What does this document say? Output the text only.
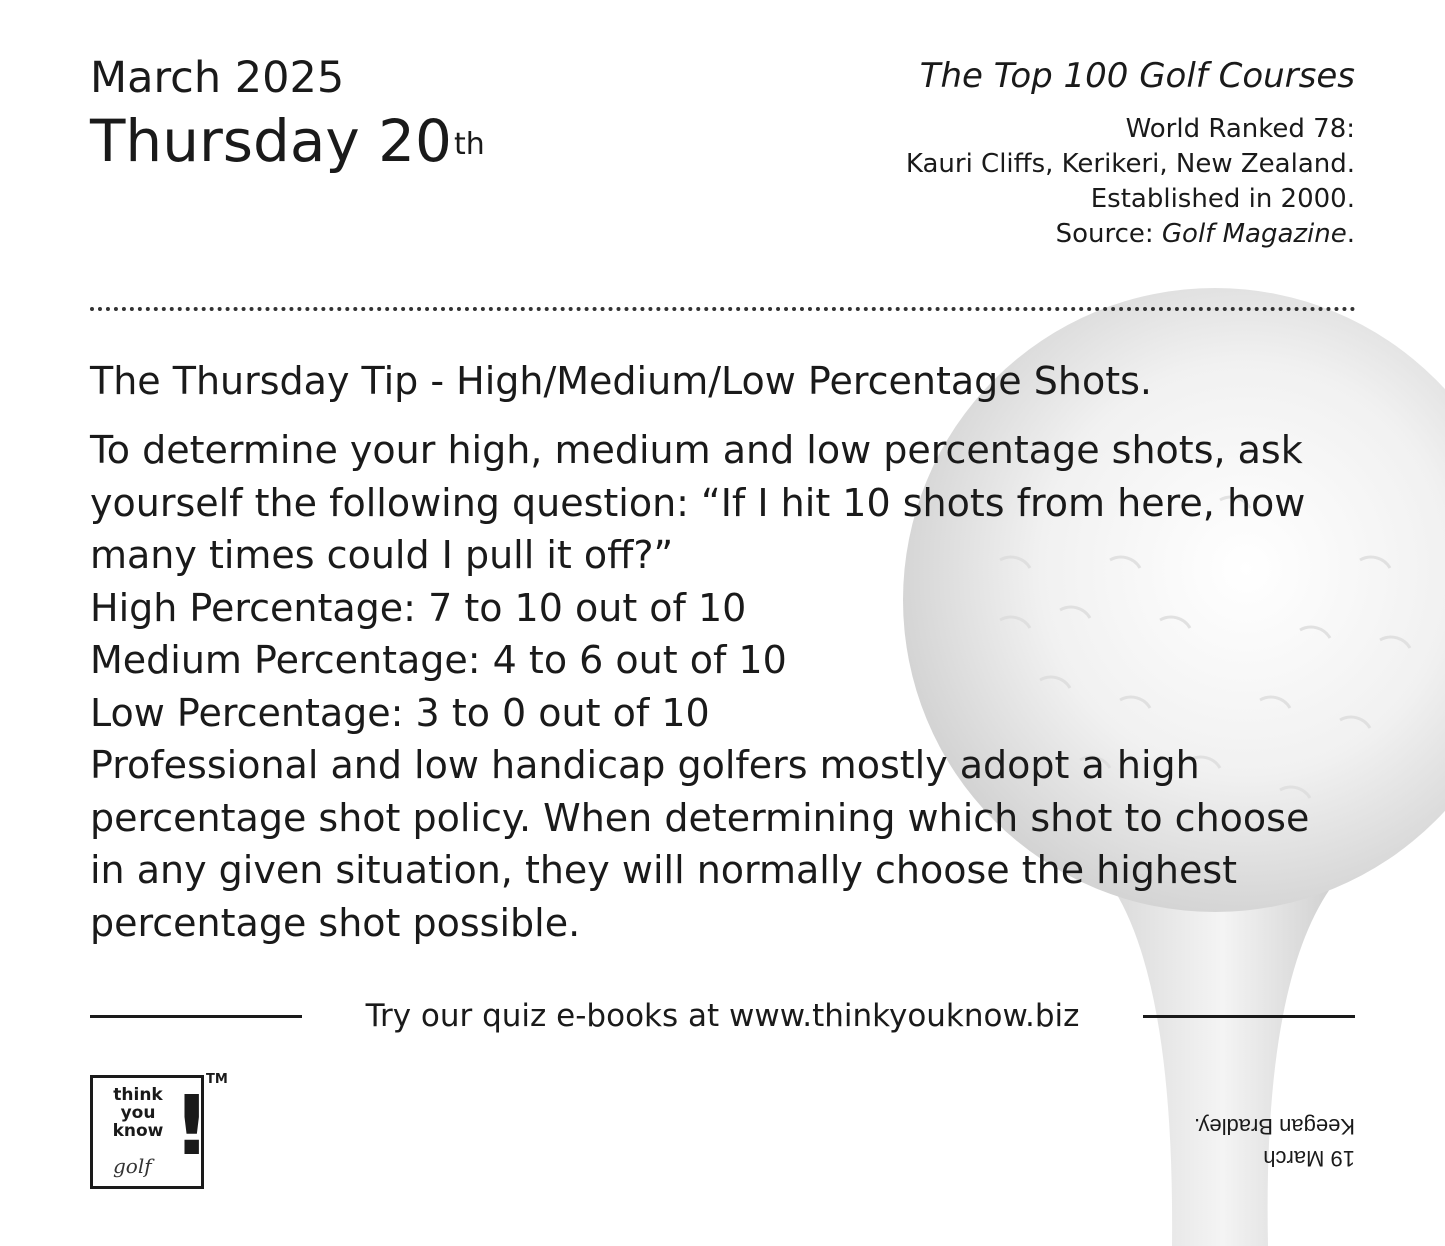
March 2025
Thursday 20th
The Top 100 Golf Courses
World Ranked 78:
Kauri Cliffs, Kerikeri, New Zealand.
Established in 2000.
Source: Golf Magazine.
The Thursday Tip - High/Medium/Low Percentage Shots.
To determine your high, medium and low percentage shots, ask
yourself the following question: “If I hit 10 shots from here, how
many times could I pull it off?”
High Percentage: 7 to 10 out of 10
Medium Percentage: 4 to 6 out of 10
Low Percentage: 3 to 0 out of 10
Professional and low handicap golfers mostly adopt a high
percentage shot policy. When determining which shot to choose
in any given situation, they will normally choose the highest
percentage shot possible.
Try our quiz e-books at www.thinkyouknow.biz
think
you
know
golf !
TM
19 March
Keegan Bradley.
